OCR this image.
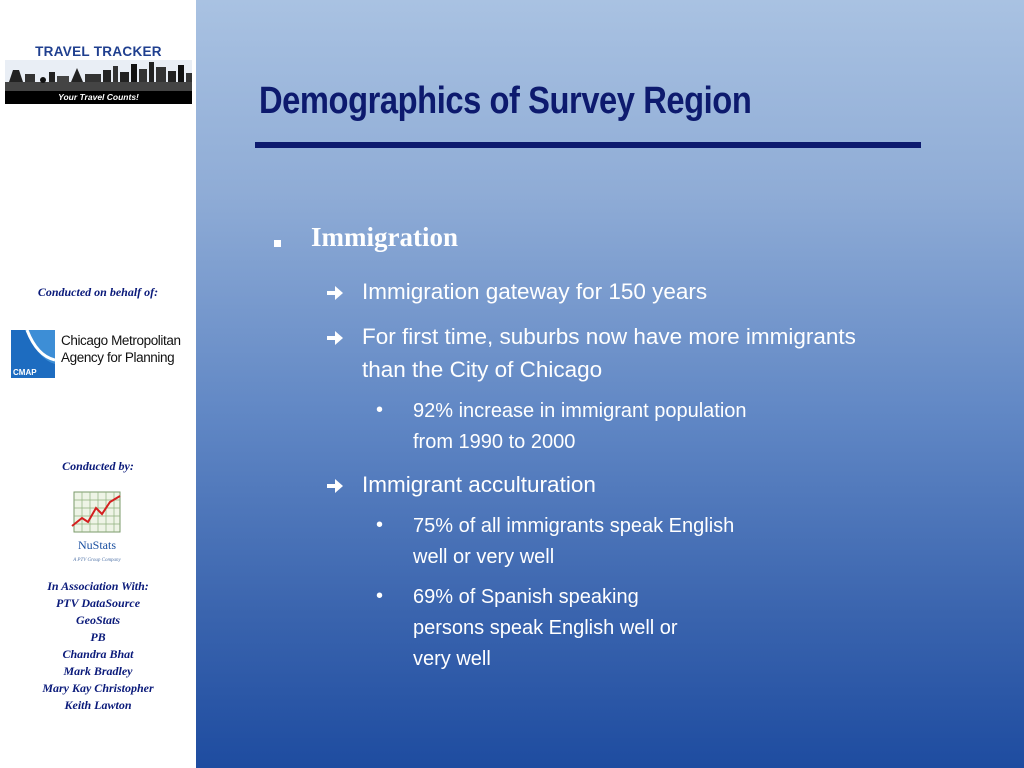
TRAVEL TRACKER
Your Travel Counts!
Conducted on behalf of:
CMAP
Chicago Metropolitan
Agency for Planning
Conducted by:
NuStats
A PTV Group Company
In Association With:
PTV DataSource
GeoStats
PB
Chandra Bhat
Mark Bradley
Mary Kay Christopher
Keith Lawton
Demographics of Survey Region
Immigration
Immigration gateway for 150 years
For first time, suburbs now have more immigrants than the City of Chicago
• 92% increase in immigrant population from 1990 to 2000
Immigrant acculturation
• 75% of all immigrants speak English well or very well
• 69% of Spanish speaking persons speak English well or very well
